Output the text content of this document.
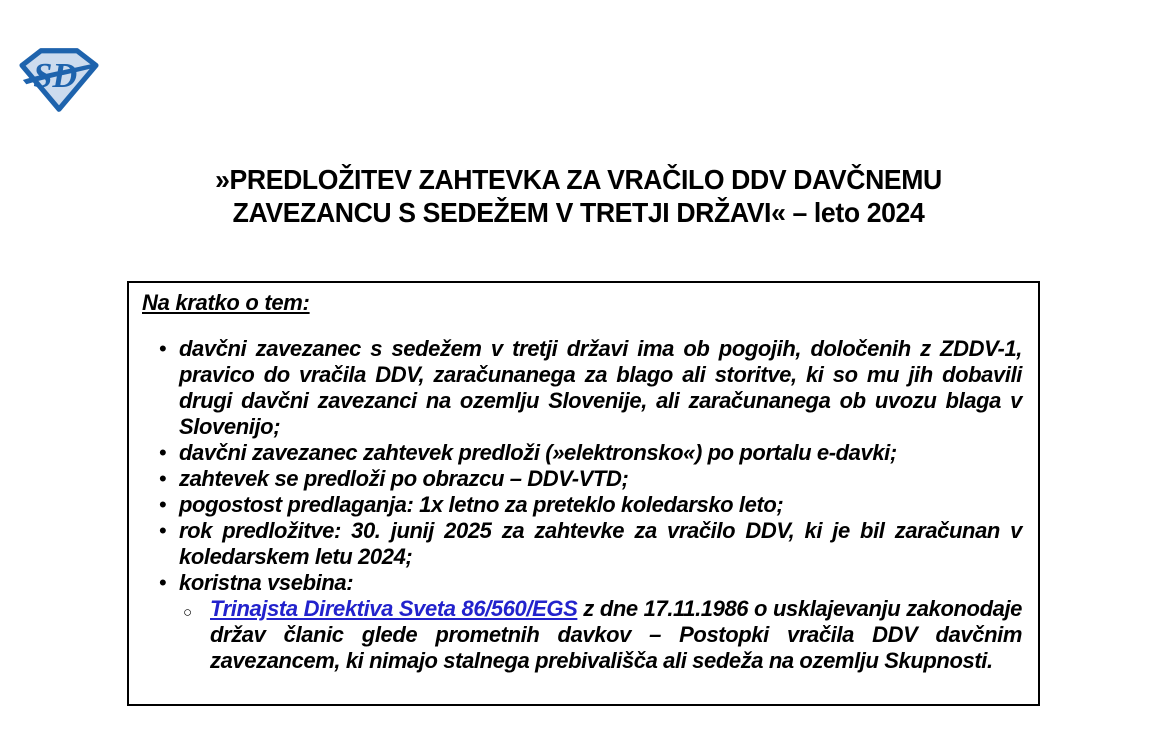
SD
»PREDLOŽITEV ZAHTEVKA ZA VRAČILO DDV DAVČNEMU
ZAVEZANCU S SEDEŽEM V TRETJI DRŽAVI« – leto 2024
Na kratko o tem:
•
davčni zavezanec s sedežem v tretji državi ima ob pogojih, določenih z ZDDV-1, pravico do vračila DDV, zaračunanega za blago ali storitve, ki so mu jih dobavili drugi davčni zavezanci na ozemlju Slovenije, ali zaračunanega ob uvozu blaga v Slovenijo;
•
davčni zavezanec zahtevek predloži (»elektronsko«) po portalu e-davki;
•
zahtevek se predloži po obrazcu – DDV-VTD;
•
pogostost predlaganja: 1x letno za preteklo koledarsko leto;
•
rok predložitve: 30. junij 2025 za zahtevke za vračilo DDV, ki je bil zaračunan v koledarskem letu 2024;
•
koristna vsebina:
○
Trinajsta Direktiva Sveta 86/560/EGS z dne 17.11.1986 o usklajevanju zakonodaje držav članic glede prometnih davkov – Postopki vračila DDV davčnim zavezancem, ki nimajo stalnega prebivališča ali sedeža na ozemlju Skupnosti.
